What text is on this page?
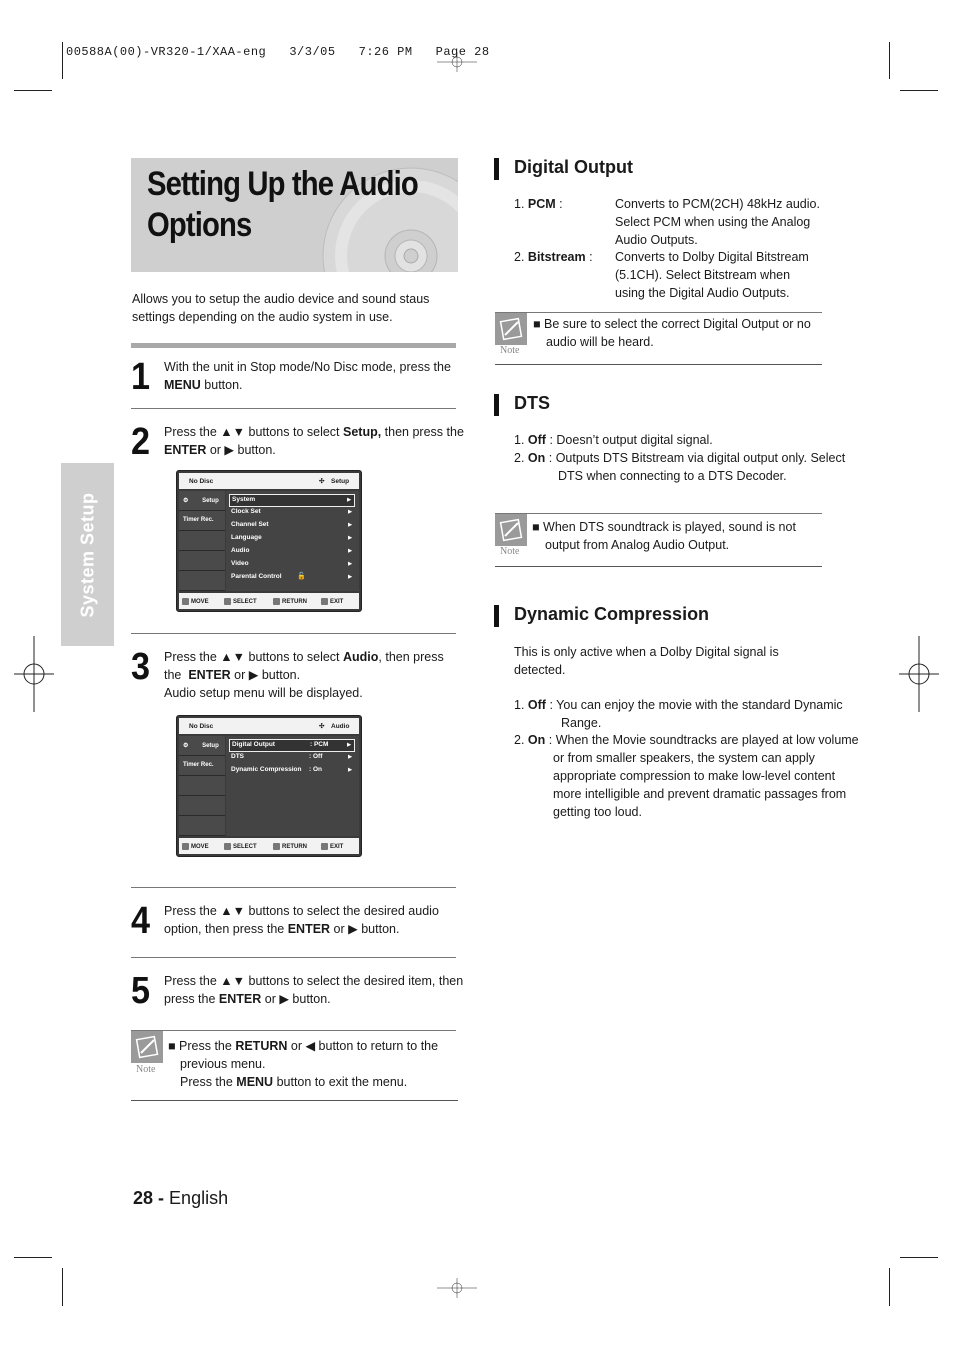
00588A(00)-VR320-1/XAA-eng   3/3/05   7:26 PM   Page 28
Setting Up the Audio Options
System Setup
Allows you to setup the audio device and sound staus settings depending on the audio system in use.
1 With the unit in Stop mode/No Disc mode, press the MENU button.
2 Press the ▲▼ buttons to select Setup, then press the ENTER or ▶ button.
No Disc	✣ Setup
⚙ Setup
Timer Rec.
System	▶
Clock Set	▶
Channel Set	▶
Language	▶
Audio	▶
Video	▶
Parental Control 🔓	▶
MOVE	SELECT	RETURN	EXIT
3 Press the ▲▼ buttons to select Audio, then press the  ENTER or ▶ button.
Audio setup menu will be displayed.
No Disc	✣ Audio
⚙ Setup
Timer Rec.
Digital Output	: PCM	▶
DTS	: Off	▶
Dynamic Compression : On	▶
MOVE	SELECT	RETURN	EXIT
4 Press the ▲▼ buttons to select the desired audio option, then press the ENTER or ▶ button.
5 Press the ▲▼ buttons to select the desired item, then press the ENTER or ▶ button.
Note
■ Press the RETURN or ◀ button to return to the
previous menu.
Press the MENU button to exit the menu.
Digital Output
1. PCM :	Converts to PCM(2CH) 48kHz audio. Select PCM when using the Analog Audio Outputs.
2. Bitstream : Converts to Dolby Digital Bitstream (5.1CH). Select Bitstream when using the Digital Audio Outputs.
Note
■ Be sure to select the correct Digital Output or no audio will be heard.
DTS
1. Off : Doesn’t output digital signal.
2. On : Outputs DTS Bitstream via digital output only. Select DTS when connecting to a DTS Decoder.
Note
■ When DTS soundtrack is played, sound is not output from Analog Audio Output.
Dynamic Compression
This is only active when a Dolby Digital signal is detected.
1. Off : You can enjoy the movie with the standard Dynamic Range.
2. On : When the Movie soundtracks are played at low volume or from smaller speakers, the system can apply appropriate compression to make low-level content more intelligible and prevent dramatic passages from getting too loud.
28 - English
